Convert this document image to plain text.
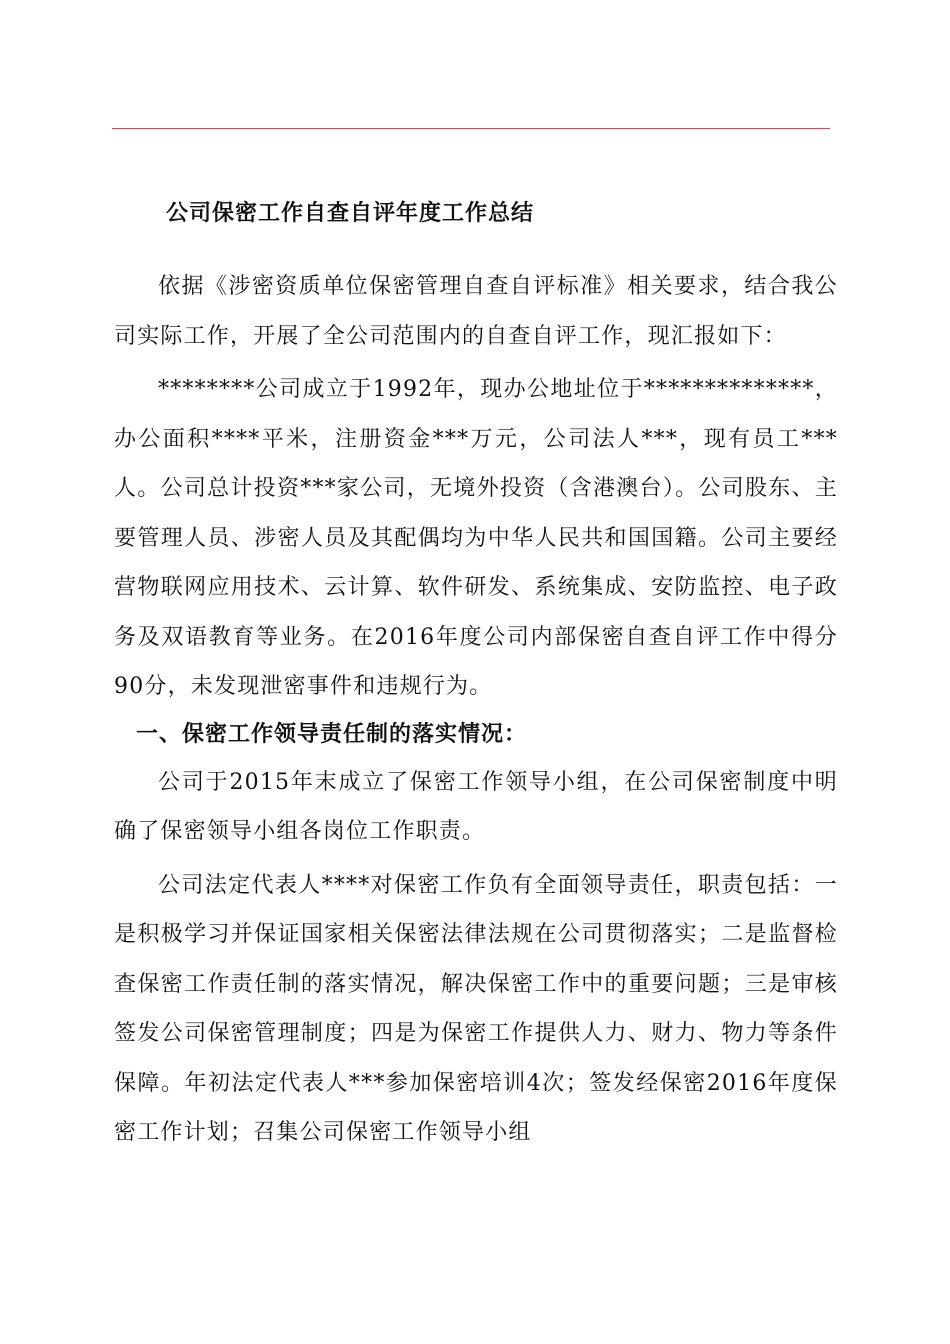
公司保密工作自查自评年度工作总结

依据《涉密资质单位保密管理自查自评标准》相关要求，结合我公司实际工作，开展了全公司范围内的自查自评工作，现汇报如下：

********公司成立于1992年，现办公地址位于**************，办公面积****平米，注册资金***万元，公司法人***，现有员工***人。公司总计投资***家公司，无境外投资（含港澳台）。公司股东、主要管理人员、涉密人员及其配偶均为中华人民共和国国籍。公司主要经营物联网应用技术、云计算、软件研发、系统集成、安防监控、电子政务及双语教育等业务。在2016年度公司内部保密自查自评工作中得分90分，未发现泄密事件和违规行为。

一、保密工作领导责任制的落实情况：

公司于2015年末成立了保密工作领导小组，在公司保密制度中明确了保密领导小组各岗位工作职责。

公司法定代表人****对保密工作负有全面领导责任，职责包括：一是积极学习并保证国家相关保密法律法规在公司贯彻落实；二是监督检查保密工作责任制的落实情况，解决保密工作中的重要问题；三是审核签发公司保密管理制度；四是为保密工作提供人力、财力、物力等条件保障。年初法定代表人***参加保密培训4次；签发经保密2016年度保密工作计划；召集公司保密工作领导小组
